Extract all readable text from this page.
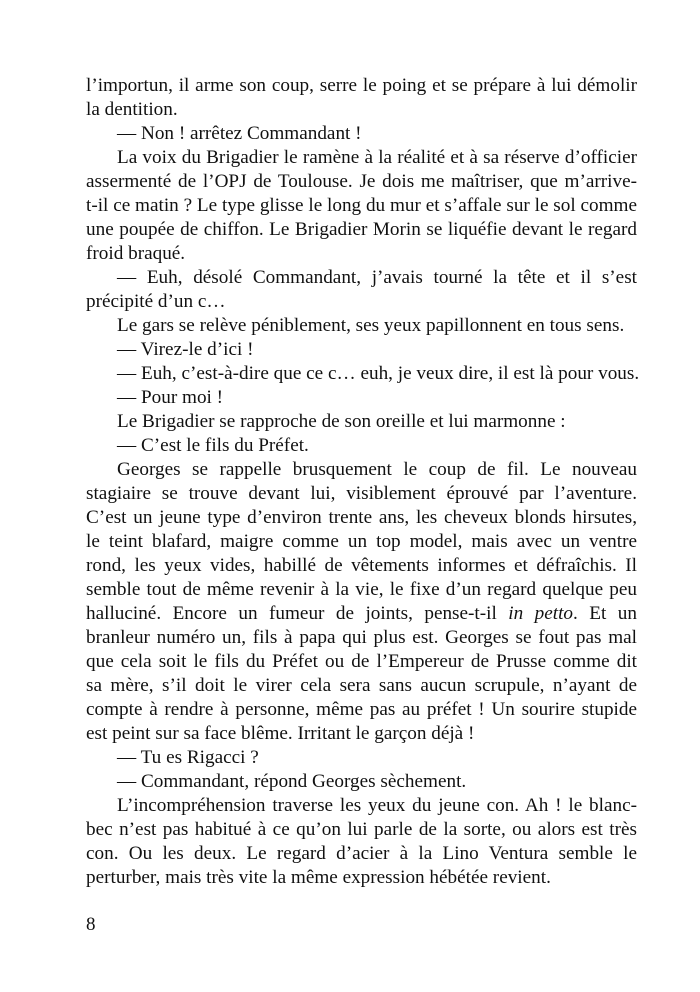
l’importun, il arme son coup, serre le poing et se prépare à lui démolir
la dentition.
— Non ! arrêtez Commandant !
La voix du Brigadier le ramène à la réalité et à sa réserve d’officier
assermenté de l’OPJ de Toulouse. Je dois me maîtriser, que m’arrive-
t-il ce matin ? Le type glisse le long du mur et s’affale sur le sol comme
une poupée de chiffon. Le Brigadier Morin se liquéfie devant le regard
froid braqué.
— Euh, désolé Commandant, j’avais tourné la tête et il s’est
précipité d’un c…
Le gars se relève péniblement, ses yeux papillonnent en tous sens.
— Virez-le d’ici !
— Euh, c’est-à-dire que ce c… euh, je veux dire, il est là pour vous.
— Pour moi !
Le Brigadier se rapproche de son oreille et lui marmonne :
— C’est le fils du Préfet.
Georges se rappelle brusquement le coup de fil. Le nouveau
stagiaire se trouve devant lui, visiblement éprouvé par l’aventure.
C’est un jeune type d’environ trente ans, les cheveux blonds hirsutes,
le teint blafard, maigre comme un top model, mais avec un ventre
rond, les yeux vides, habillé de vêtements informes et défraîchis. Il
semble tout de même revenir à la vie, le fixe d’un regard quelque peu
halluciné. Encore un fumeur de joints, pense-t-il in petto. Et un
branleur numéro un, fils à papa qui plus est. Georges se fout pas mal
que cela soit le fils du Préfet ou de l’Empereur de Prusse comme dit
sa mère, s’il doit le virer cela sera sans aucun scrupule, n’ayant de
compte à rendre à personne, même pas au préfet ! Un sourire stupide
est peint sur sa face blême. Irritant le garçon déjà !
— Tu es Rigacci ?
— Commandant, répond Georges sèchement.
L’incompréhension traverse les yeux du jeune con. Ah ! le blanc-
bec n’est pas habitué à ce qu’on lui parle de la sorte, ou alors est très
con. Ou les deux. Le regard d’acier à la Lino Ventura semble le
perturber, mais très vite la même expression hébétée revient.
8
